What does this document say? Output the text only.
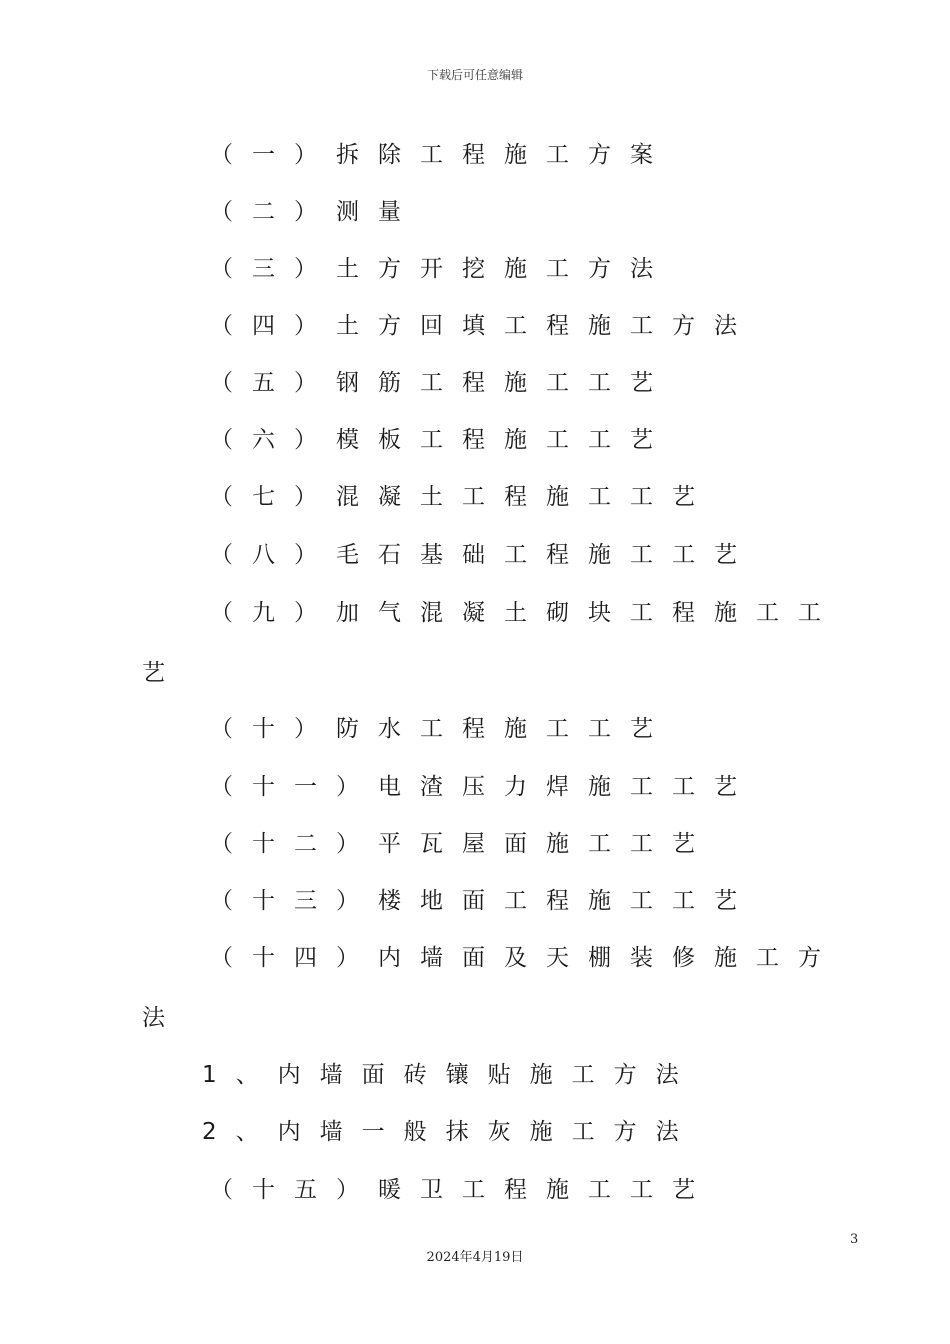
下载后可任意编辑
（一）拆除工程施工方案
（二）测量
（三）土方开挖施工方法
（四）土方回填工程施工方法
（五）钢筋工程施工工艺
（六）模板工程施工工艺
（七）混凝土工程施工工艺
（八）毛石基础工程施工工艺
（九）加气混凝土砌块工程施工工
艺
（十）防水工程施工工艺
（十一）电渣压力焊施工工艺
（十二）平瓦屋面施工工艺
（十三）楼地面工程施工工艺
（十四）内墙面及天棚装修施工方
法
1、内墙面砖镶贴施工方法
2、内墙一般抹灰施工方法
（十五）暖卫工程施工工艺
3
2024年4月19日
